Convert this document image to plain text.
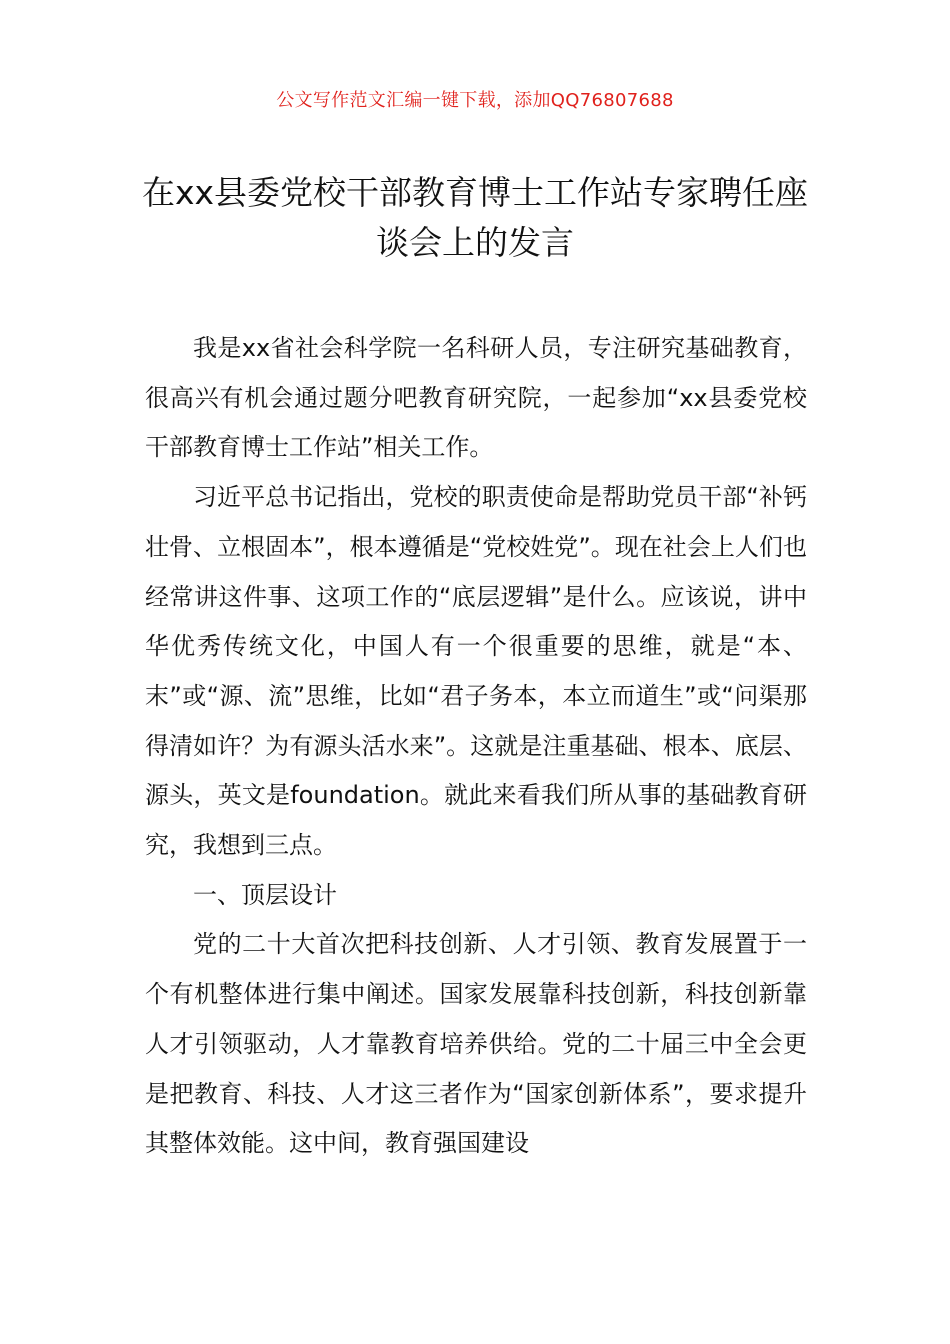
公文写作范文汇编一键下载，添加QQ76807688
在xx县委党校干部教育博士工作站专家聘任座谈会上的发言

我是xx省社会科学院一名科研人员，专注研究基础教育，很高兴有机会通过题分吧教育研究院，一起参加“xx县委党校干部教育博士工作站”相关工作。

习近平总书记指出，党校的职责使命是帮助党员干部“补钙壮骨、立根固本”，根本遵循是“党校姓党”。现在社会上人们也经常讲这件事、这项工作的“底层逻辑”是什么。应该说，讲中华优秀传统文化，中国人有一个很重要的思维，就是“本、末”或“源、流”思维，比如“君子务本，本立而道生”或“问渠那得清如许？为有源头活水来”。这就是注重基础、根本、底层、源头，英文是foundation。就此来看我们所从事的基础教育研究，我想到三点。

一、顶层设计

党的二十大首次把科技创新、人才引领、教育发展置于一个有机整体进行集中阐述。国家发展靠科技创新，科技创新靠人才引领驱动，人才靠教育培养供给。党的二十届三中全会更是把教育、科技、人才这三者作为“国家创新体系”，要求提升其整体效能。这中间，教育强国建设
